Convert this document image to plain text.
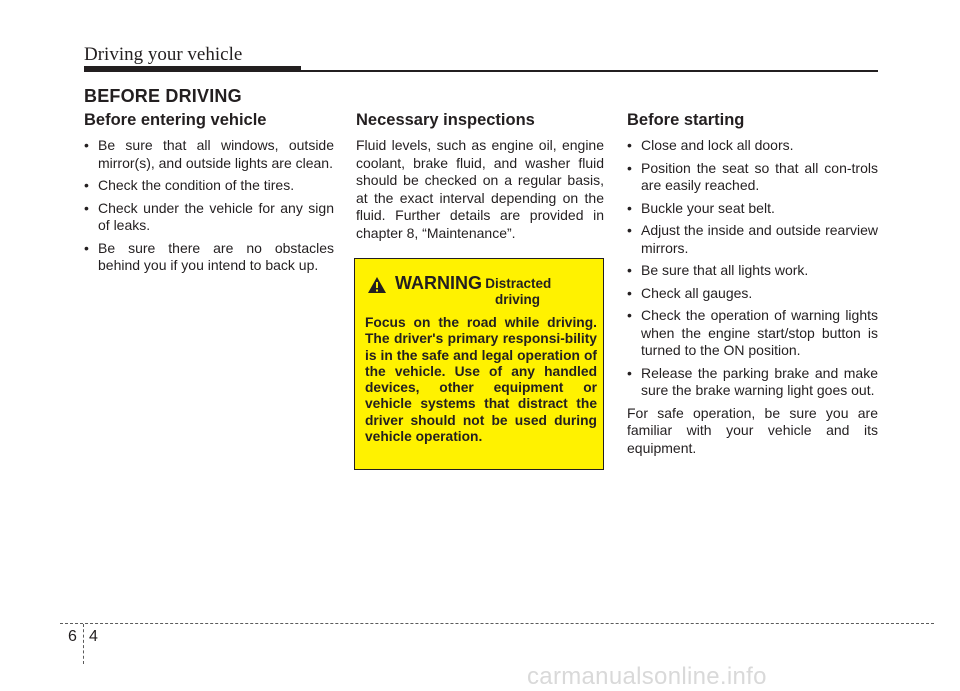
Driving your vehicle
BEFORE DRIVING
Before entering vehicle
• Be sure that all windows, outside mirror(s), and outside lights are clean.
• Check the condition of the tires.
• Check under the vehicle for any sign of leaks.
• Be sure there are no obstacles behind you if you intend to back up.
Necessary inspections

Fluid levels, such as engine oil, engine coolant, brake fluid, and washer fluid should be checked on a regular basis, at the exact interval depending on the fluid. Further details are provided in chapter 8, “Maintenance”.

WARNING
- Distracted
driving
Focus on the road while driving. The driver's primary responsi-bility is in the safe and legal operation of the vehicle. Use of any handled devices, other equipment or vehicle systems that distract the driver should not be used during vehicle operation.
Before starting
• Close and lock all doors.
• Position the seat so that all con-trols are easily reached.
• Buckle your seat belt.
• Adjust the inside and outside rearview mirrors.
• Be sure that all lights work.
• Check all gauges.
• Check the operation of warning lights when the engine start/stop button is turned to the ON position.
• Release the parking brake and make sure the brake warning light goes out.

For safe operation, be sure you are familiar with your vehicle and its equipment.

6 4
carmanualsonline.info
